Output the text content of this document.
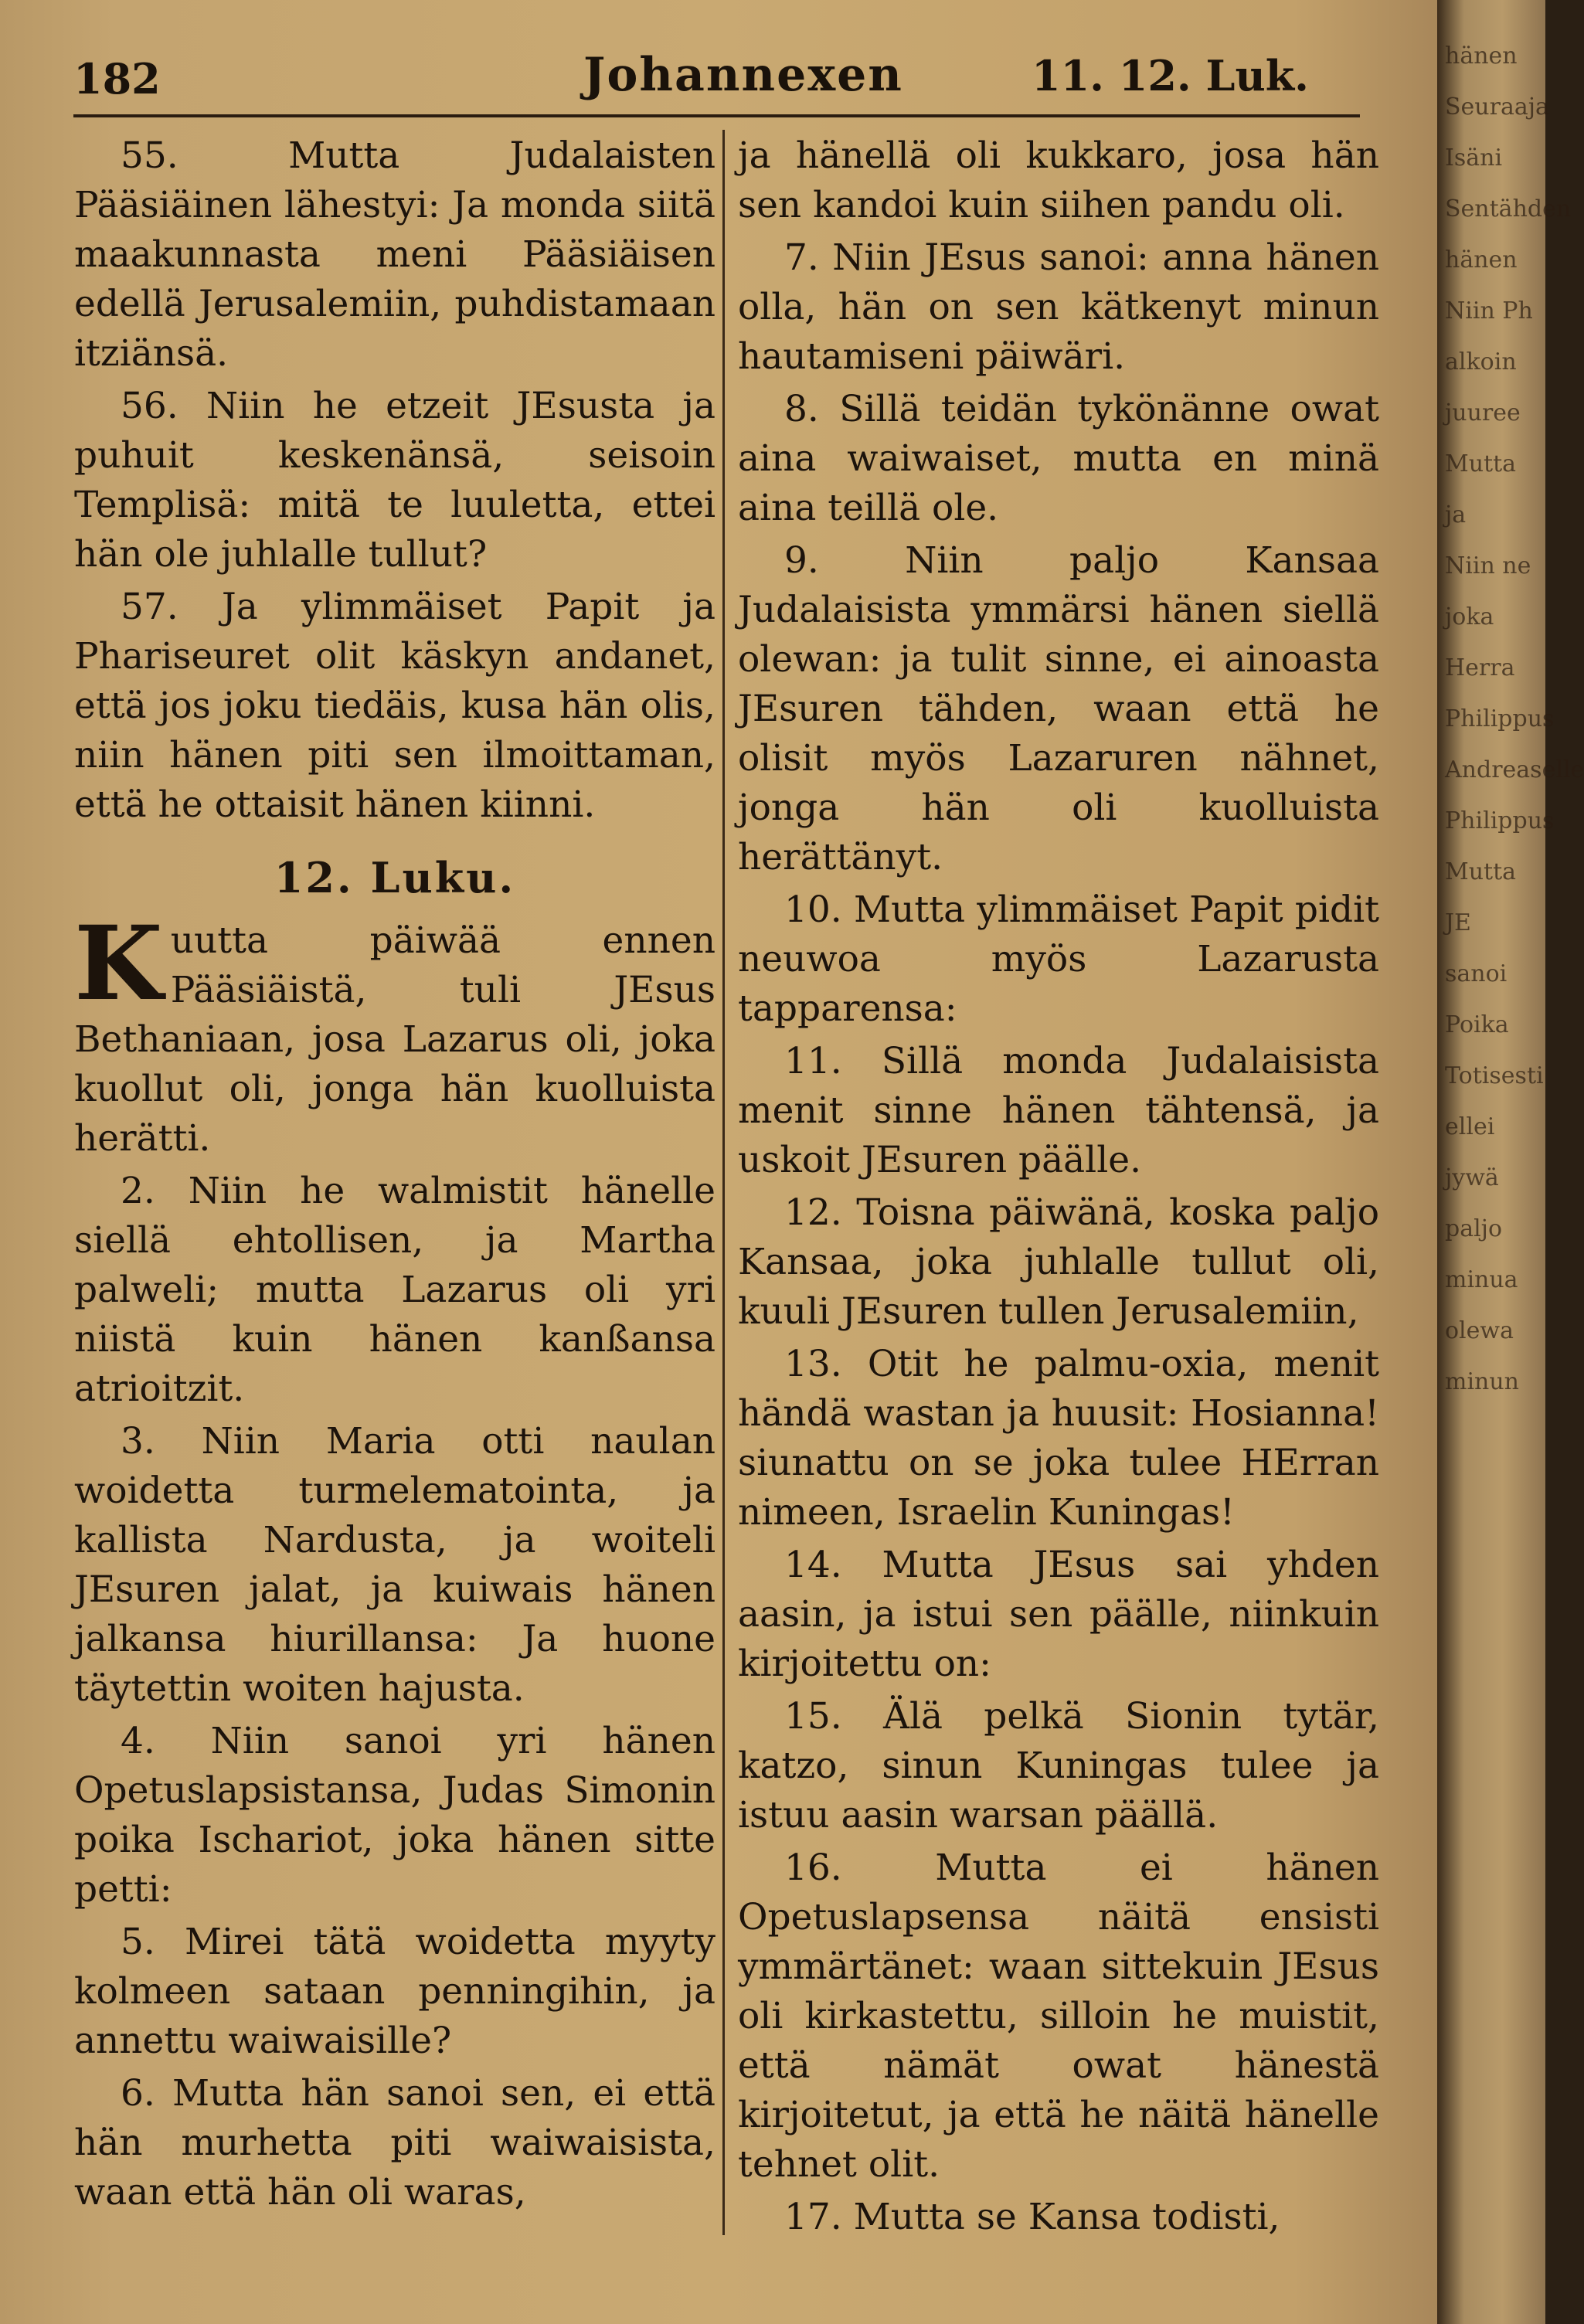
182	Johannexen	11. 12. Luk.

55. Mutta Judalaisten Pääsiäinen lähestyi: Ja monda siitä maakunnasta meni Pääsiäisen edellä Jerusalemiin, puhdistamaan itziänsä.

56. Niin he etzeit JEsusta ja puhuit keskenänsä, seisoin Templisä: mitä te luuletta, ettei hän ole juhlalle tullut?

57. Ja ylimmäiset Papit ja Phariseuret olit käskyn andanet, että jos joku tiedäis, kusa hän olis, niin hänen piti sen ilmoittaman, että he ottaisit hänen kiinni.

12. Luku.

Kuutta päiwää ennen Pääsiäistä, tuli JEsus Bethaniaan, josa Lazarus oli, joka kuollut oli, jonga hän kuolluista herätti.

2. Niin he walmistit hänelle siellä ehtollisen, ja Martha palweli; mutta Lazarus oli yri niistä kuin hänen kanßansa atrioitzit.

3. Niin Maria otti naulan woidetta turmelematointa, ja kallista Nardusta, ja woiteli JEsuren jalat, ja kuiwais hänen jalkansa hiurillansa: Ja huone täytettin woiten hajusta.

4. Niin sanoi yri hänen Opetuslapsistansa, Judas Simonin poika Ischariot, joka hänen sitte petti:

5. Mirei tätä woidetta myyty kolmeen sataan penningihin, ja annettu waiwaisille?

6. Mutta hän sanoi sen, ei että hän murhetta piti waiwaisista, waan että hän oli waras,

ja hänellä oli kukkaro, josa hän sen kandoi kuin siihen pandu oli.

7. Niin JEsus sanoi: anna hänen olla, hän on sen kätkenyt minun hautamiseni päiwäri.

8. Sillä teidän tykönänne owat aina waiwaiset, mutta en minä aina teillä ole.

9. Niin paljo Kansaa Judalaisista ymmärsi hänen siellä olewan: ja tulit sinne, ei ainoasta JEsuren tähden, waan että he olisit myös Lazaruren nähnet, jonga hän oli kuolluista herättänyt.

10. Mutta ylimmäiset Papit pidit neuwoa myös Lazarusta tapparensa:

11. Sillä monda Judalaisista menit sinne hänen tähtensä, ja uskoit JEsuren päälle.

12. Toisna päiwänä, koska paljo Kansaa, joka juhlalle tullut oli, kuuli JEsuren tullen Jerusalemiin,

13. Otit he palmu-oxia, menit händä wastan ja huusit: Hosianna! siunattu on se joka tulee HErran nimeen, Israelin Kuningas!

14. Mutta JEsus sai yhden aasin, ja istui sen päälle, niinkuin kirjoitettu on:

15. Älä pelkä Sionin tytär, katzo, sinun Kuningas tulee ja istuu aasin warsan päällä.

16. Mutta ei hänen Opetuslapsensa näitä ensisti ymmärtänet: waan sittekuin JEsus oli kirkastettu, silloin he muistit, että nämät owat hänestä kirjoitetut, ja että he näitä hänelle tehnet olit.

17. Mutta se Kansa todisti,

hänen
Seuraaja
Isäni
Sentähden
hänen
Niin Ph
alkoin
juuree
Mutta
ja
Niin ne
joka
Herra
Philippus
Andreaselle
Philippus
Mutta JE
sanoi
Poika
Totisesti
ellei
jywä
paljo
minua
olewa
minun
